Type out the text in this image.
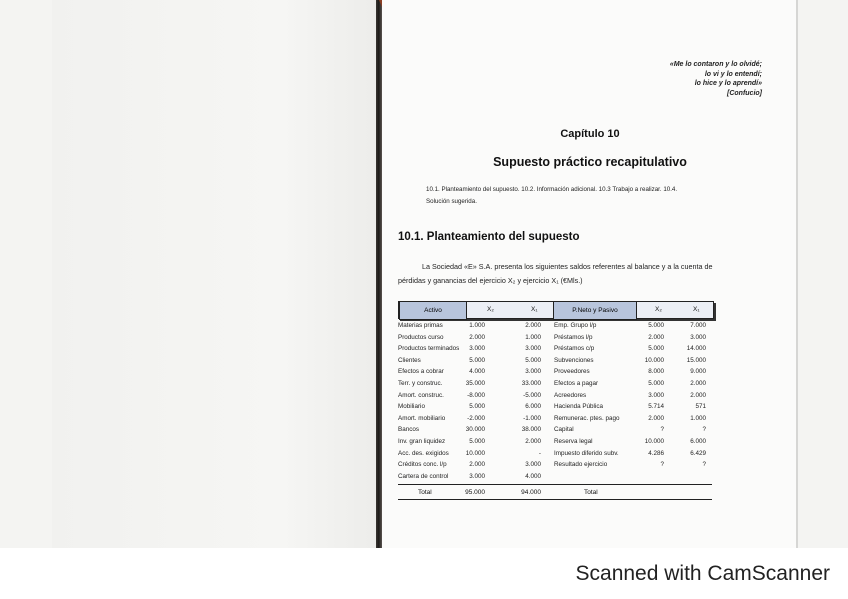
«Me lo contaron y lo olvidé;
lo vi y lo entendí;
lo hice y lo aprendí»
[Confucio]
Capítulo 10
Supuesto práctico recapitulativo
10.1. Planteamiento del supuesto. 10.2. Información adicional. 10.3 Trabajo a realizar. 10.4. Solución sugerida.
10.1. Planteamiento del supuesto
La Sociedad «E» S.A. presenta los siguientes saldos referentes al balance y a la cuenta de pérdidas y ganancias del ejercicio X₂ y ejercicio X₁ (€Mls.)
Activo	X₂	X₁	P.Neto y Pasivo	X₂	X₁
Materias primas	1.000	2.000 Emp. Grupo l/p	5.000	7.000
Productos curso	2.000	1.000 Préstamos l/p	2.000	3.000
Productos terminados 3.000	3.000 Préstamos c/p	5.000	14.000
Clientes	5.000	5.000 Subvenciones	10.000	15.000
Efectos a cobrar	4.000	3.000 Proveedores	8.000	9.000
Terr. y construc.	35.000	33.000 Efectos a pagar	5.000	2.000
Amort. construc.	-8.000	-5.000 Acreedores	3.000	2.000
Mobiliario	5.000	6.000 Hacienda Pública	5.714	571
Amort. mobiliario	-2.000	-1.000 Remunerac. ptes. pago	2.000	1.000
Bancos	30.000	38.000 Capital	?	?
Inv. gran liquidez	5.000	2.000 Reserva legal	10.000	6.000
Acc. des. exigidos	10.000	- Impuesto diferido subv.	4.286	6.429
Créditos conc. l/p	2.000	3.000 Resultado ejercicio	?	?
Cartera de control	3.000	4.000
Total	95.000	94.000	Total
Scanned with CamScanner
